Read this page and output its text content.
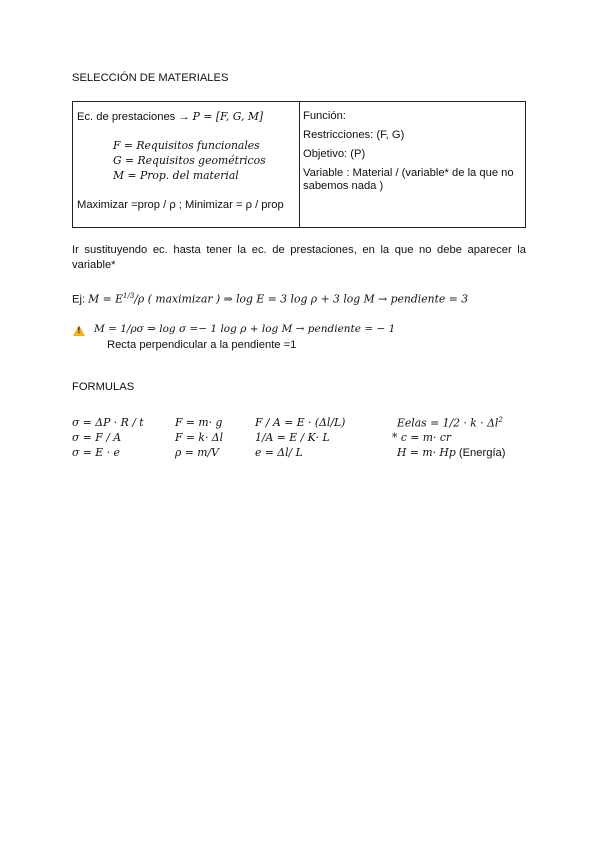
SELECCIÓN DE MATERIALES
Ec. de prestaciones → P = [F, G, M]
F = Requisitos funcionales
G = Requisitos geométricos
M = Prop. del material
Maximizar =prop / ρ ; Minimizar = ρ / prop
Función:
Restricciones: (F, G)
Objetivo: (P)
Variable : Material / (variable* de la que no
sabemos nada )
Ir sustituyendo ec. hasta tener la ec. de prestaciones, en la que no debe aparecer la variable*
Ej: $M = E^{1/3}/\rho$ ( maximizar ) ⇒ log E = 3 log ρ + 3 log M → pendiente = 3
! M = 1/ρσ ⇒ log σ =− 1 log ρ + log M → pendiente = − 1
Recta perpendicular a la pendiente =1
FORMULAS
σ = ΔP · R / t	F = m· g	F / A = E · (Δl/L)	Eelas = $1/2 \cdot k \cdot \Delta l^2$
σ = F / A	F = k· Δl	1/A = E / K· L	* c = m· cr
σ = E · e	ρ = m/V	e = Δl/ L	H = m· Hp (Energía)
